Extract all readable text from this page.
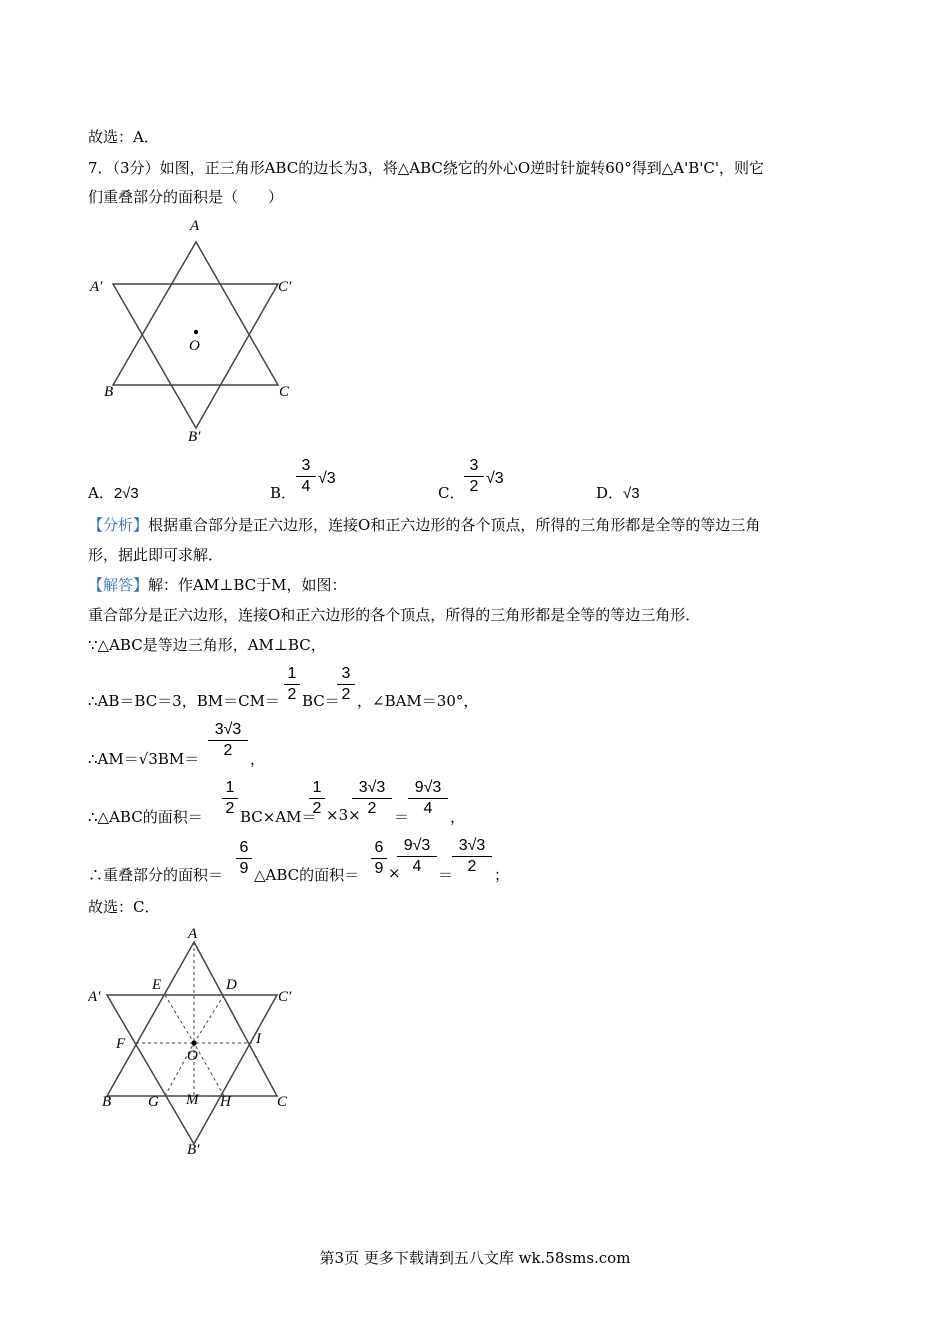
故选：A．
7．（3分）如图，正三角形ABC的边长为3，将△ABC绕它的外心O逆时针旋转60°得到△A'B'C'，则它
们重叠部分的面积是（　　）
A
C′
A′
O
B	C
B′
A．2√3	B．
3
4 √3
C．
3
2 √3
D．√3
【分析】根据重合部分是正六边形，连接O和正六边形的各个顶点，所得的三角形都是全等的等边三角
形，据此即可求解．
【解答】解：作AM⊥BC于M，如图：
重合部分是正六边形，连接O和正六边形的各个顶点，所得的三角形都是全等的等边三角形．
∵△ABC是等边三角形，AM⊥BC，
∴AB＝BC＝3，BM＝CM＝
1
2 BC＝
3
2 ，∠BAM＝30°，
∴AM＝√3BM＝
3√3
2	，
∴△ABC的面积＝
1
2 BC×AM＝
1
2 ×3×
3√3
2	＝
9√3
4	，
∴重叠部分的面积＝
6
9 △ABC的面积＝
6
9 ×
9√3
4	＝
3√3
2	；
故选：C．
A
E	D
A′	C′
F
O
I
B G M H	C
B′
第3页 更多下载请到五八文库 wk.58sms.com
